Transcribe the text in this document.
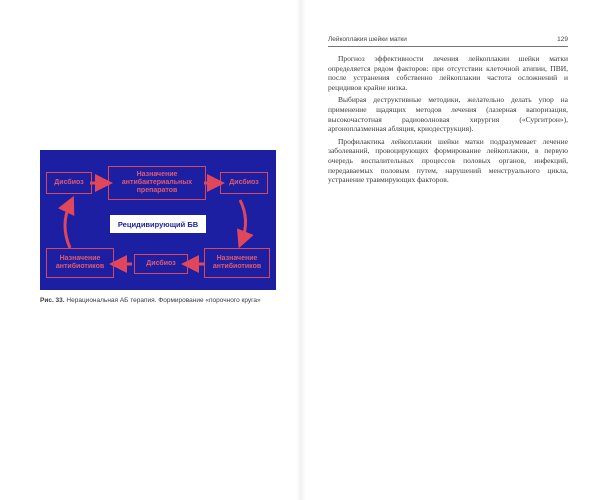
Дисбиоз
Назначение антибактериальных препаратов
Дисбиоз
Назначение антибиотиков
Дисбиоз
Назначение антибиотиков
Рецидивирующий БВ
Рис. 33. Нерациональная АБ терапия. Формирование «порочного круга»
Лейкоплакия шейки матки	129

Прогноз эффективности лечения лейкоплакии шейки матки определяется рядом факторов: при отсутствии клеточной атипии, ПВИ, после устранения собственно лейкоплакии частота осложнений и рецидивов крайне низка.

Выбирая деструктивные методики, желательно делать упор на применение щадящих методов лечения (лазерная вапоризация, высокочастотная радиоволновая хирургия («Сургитрон»), аргоноплазменная абляция, криодеструкция).

Профилактика лейкоплакии шейки матки подразумевает лечение заболеваний, провоцирующих формирование лейкоплакии, в первую очередь воспалительных процессов половых органов, инфекций, передаваемых половым путем, нарушений менструального цикла, устранение травмирующих факторов.
